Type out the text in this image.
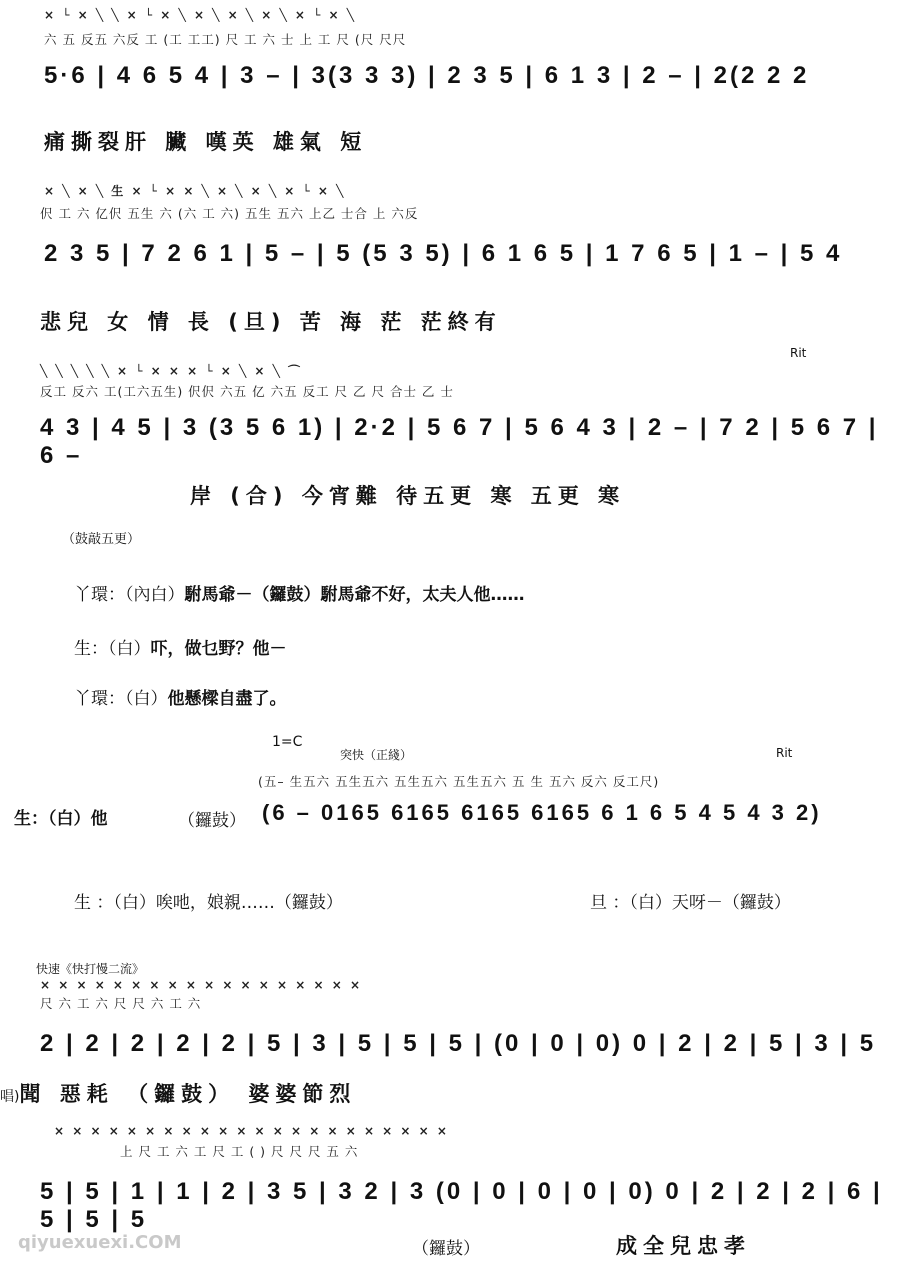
× └ × ╲ ╲ × └ × ╲ × ╲ × ╲ × ╲ × └ × ╲
六 五 反五 六反 工 (工 工工) 尺 工 六 士 上 工 尺 (尺 尺尺
5·6 | 4 6 5 4 | 3 – | 3(3 3 3) | 2 3 5 | 6 1 3 | 2 – | 2(2 2 2
痛撕裂肝 臟 嘆英 雄氣 短
× ╲ × ╲ 生 × └ × × ╲ × ╲ × ╲ × └ × ╲
伬 工 六 亿伬 五生 六 (六 工 六) 五生 五六 上乙 士合 上 六反
2 3 5 | 7 2 6 1 | 5 – | 5 (5 3 5) | 6 1 6 5 | 1 7 6 5 | 1 – | 5 4
悲兒 女 情 長 (旦) 苦 海 茫 茫終有
Rit
╲ ╲ ╲ ╲ ╲ × └ × × × └ × ╲ × ╲ ⌒
反工 反六 工(工六五生) 伬伬 六五 亿 六五 反工 尺 乙 尺 合士 乙 士
4 3 | 4 5 | 3 (3 5 6 1) | 2·2 | 5 6 7 | 5 6 4 3 | 2 – | 7 2 | 5 6 7 | 6 –
岸 (合) 今宵難 待五更 寒 五更 寒
（鼓敲五更）
丫環：（內白）駙馬爺－（鑼鼓）駙馬爺不好，太夫人他……
生：（白）吓，做乜野？他－
丫環：（白）他懸樑自盡了。
1=C
突快（正綫）	Rit
(五– 生五六 五生五六 五生五六 五生五六 五 生 五六 反六 反工尺)
生：（白）他	（鑼鼓） (6 – 0165 6165 6165 6165 6 1 6 5 4 5 4 3 2)
生 ：（白）唉吔，娘親……（鑼鼓）	旦 ：（白）天呀－（鑼鼓）
快速《快打慢二流》
× × × × × × × × × × × × × × × × × ×
尺 六 工 六 尺 尺 六 工 六
2 | 2 | 2 | 2 | 2 | 5 | 3 | 5 | 5 | 5 | (0 | 0 | 0) 0 | 2 | 2 | 5 | 3 | 5
唱)聞 惡耗 （鑼鼓） 婆婆節烈
× × × × × × × × × × × × × × × × × × × × × ×
上 尺 工 六 工 尺 工 ( ) 尺 尺 尺 五 六
5 | 5 | 1 | 1 | 2 | 3 5 | 3 2 | 3 (0 | 0 | 0 | 0 | 0) 0 | 2 | 2 | 2 | 6 | 5 | 5 | 5
（鑼鼓）	成全兒忠孝
qiyuexuexi.COM
